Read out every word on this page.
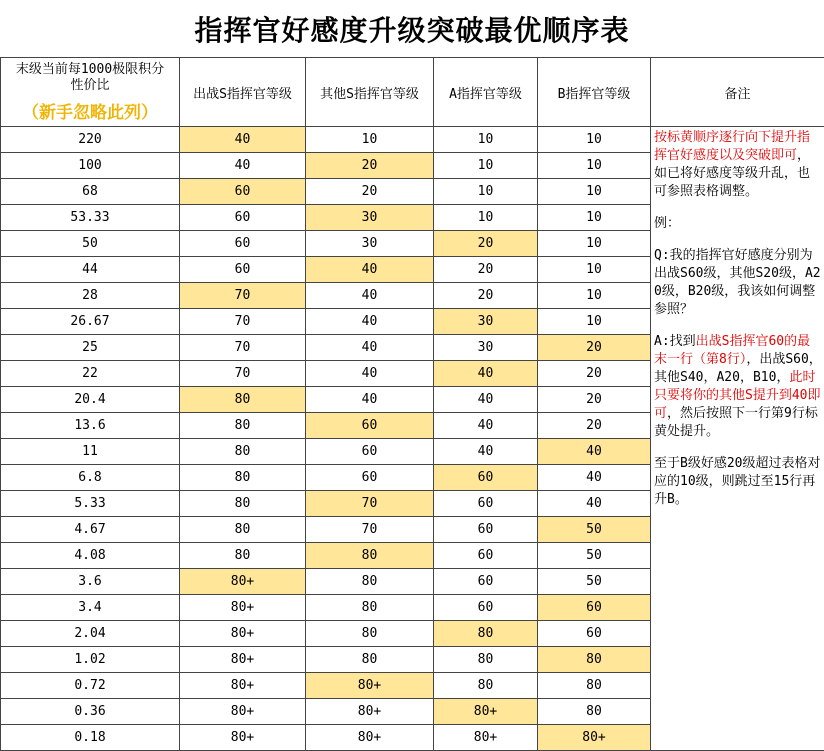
指挥官好感度升级突破最优顺序表
末级当前每1000极限积分
性价比
（新手忽略此列）	出战S指挥官等级	其他S指挥官等级	A指挥官等级	B指挥官等级	备注
220	40	10	10	10	按标黄顺序逐行向下提升指挥官好感度以及突破即可，如已将好感度等级升乱，也可参照表格调整。

例：

Q:我的指挥官好感度分别为出战S60级，其他S20级，A20级，B20级，我该如何调整参照？

A:找到出战S指挥官60的最末一行（第8行），出战S60，其他S40，A20，B10，此时只要将你的其他S提升到40即可，然后按照下一行第9行标黄处提升。

至于B级好感20级超过表格对应的10级，则跳过至15行再升B。

100	40	20	10	10	
68	60	20	10	10	
53.33	60	30	10	10	
50	60	30	20	10	
44	60	40	20	10	
28	70	40	20	10	
26.67	70	40	30	10	
25	70	40	30	20	
22	70	40	40	20	
20.4	80	40	40	20	
13.6	80	60	40	20	
11	80	60	40	40	
6.8	80	60	60	40	
5.33	80	70	60	40	
4.67	80	70	60	50	
4.08	80	80	60	50	
3.6	80+	80	60	50	
3.4	80+	80	60	60	
2.04	80+	80	80	60	
1.02	80+	80	80	80	
0.72	80+	80+	80	80	
0.36	80+	80+	80+	80	
0.18	80+	80+	80+	80+	
